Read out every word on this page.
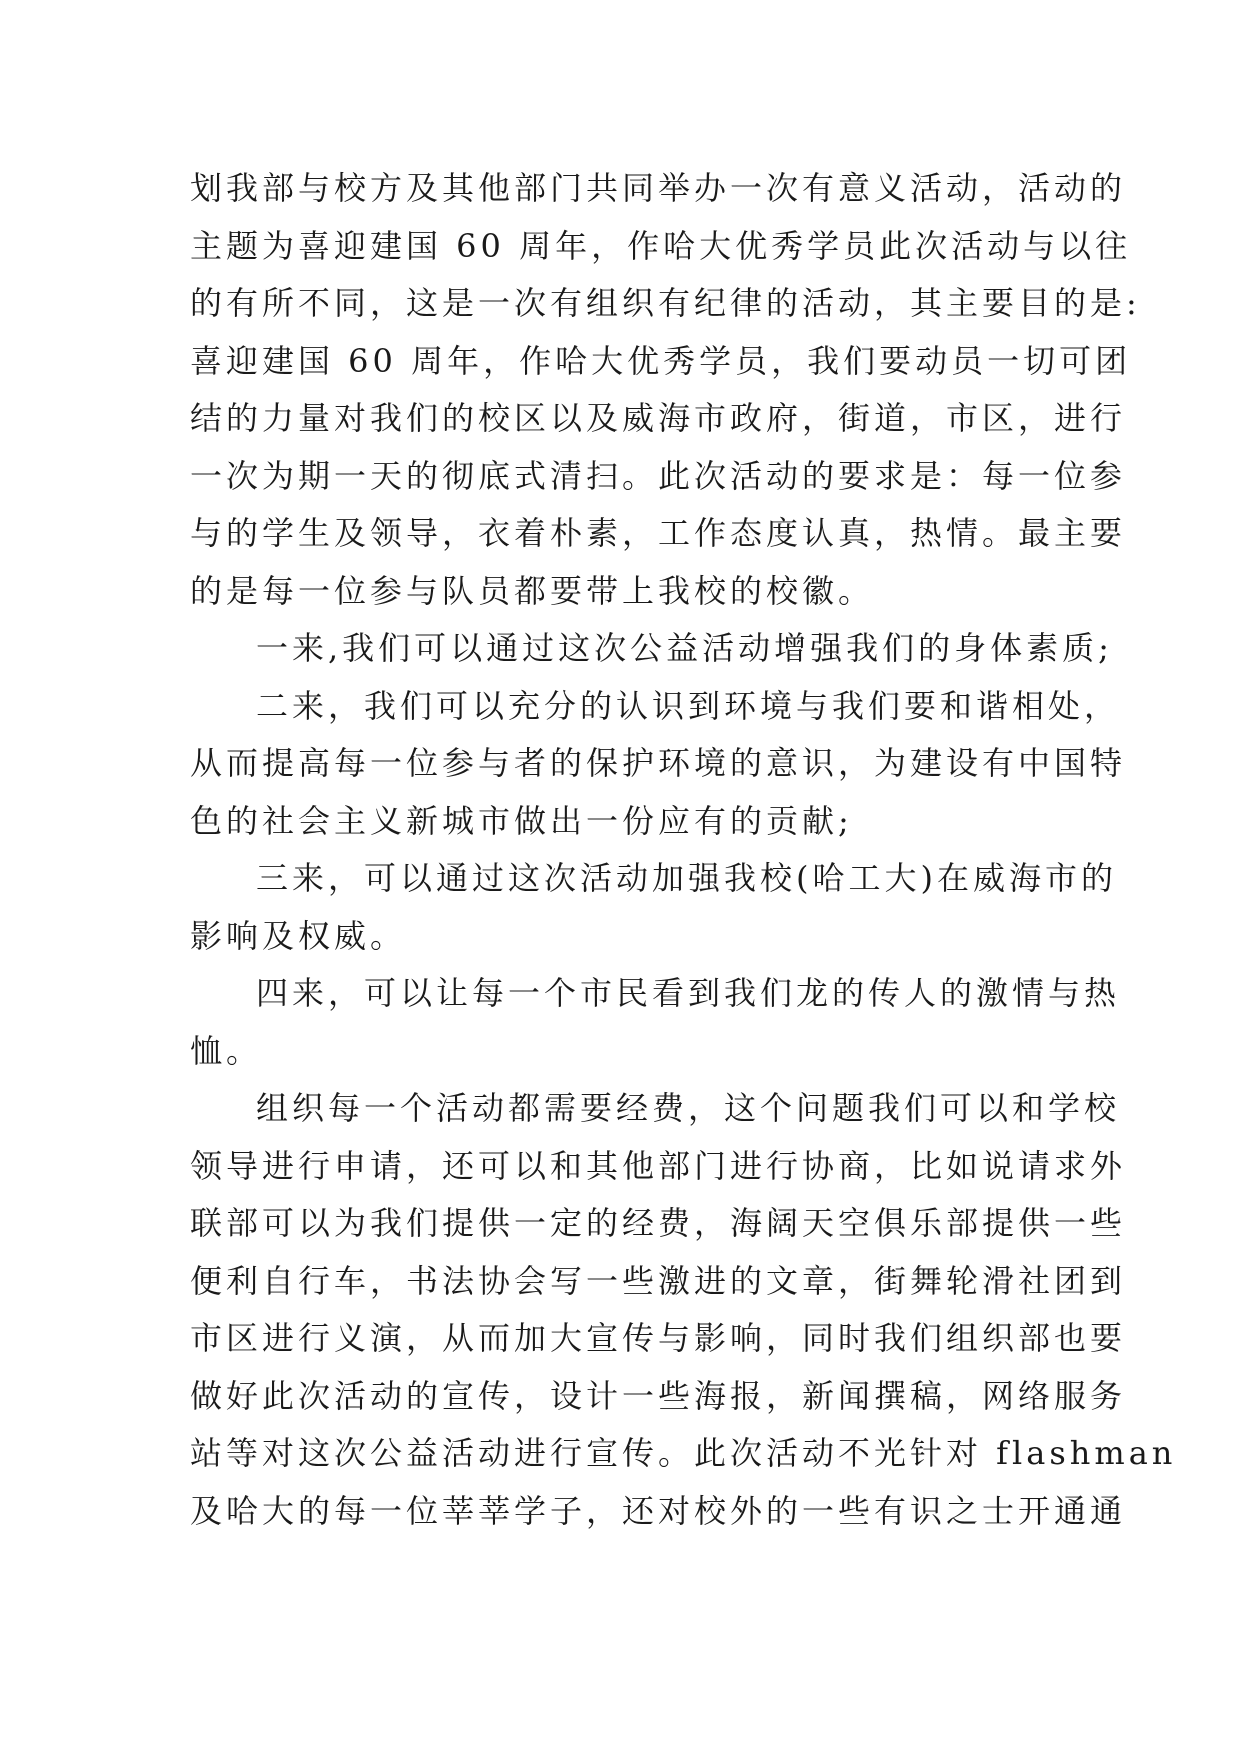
划我部与校方及其他部门共同举办一次有意义活动，活动的
主题为喜迎建国 60 周年，作哈大优秀学员此次活动与以往
的有所不同，这是一次有组织有纪律的活动，其主要目的是:
喜迎建国 60 周年，作哈大优秀学员，我们要动员一切可团
结的力量对我们的校区以及威海市政府，街道，市区，进行
一次为期一天的彻底式清扫。此次活动的要求是：每一位参
与的学生及领导，衣着朴素，工作态度认真，热情。最主要
的是每一位参与队员都要带上我校的校徽。
一来,我们可以通过这次公益活动增强我们的身体素质;
二来，我们可以充分的认识到环境与我们要和谐相处，
从而提高每一位参与者的保护环境的意识，为建设有中国特
色的社会主义新城市做出一份应有的贡献;
三来，可以通过这次活动加强我校(哈工大)在威海市的
影响及权威。
四来，可以让每一个市民看到我们龙的传人的激情与热
恤。
组织每一个活动都需要经费，这个问题我们可以和学校
领导进行申请，还可以和其他部门进行协商，比如说请求外
联部可以为我们提供一定的经费，海阔天空俱乐部提供一些
便利自行车，书法协会写一些激进的文章，街舞轮滑社团到
市区进行义演，从而加大宣传与影响，同时我们组织部也要
做好此次活动的宣传，设计一些海报，新闻撰稿，网络服务
站等对这次公益活动进行宣传。此次活动不光针对 flashman
及哈大的每一位莘莘学子，还对校外的一些有识之士开通通
